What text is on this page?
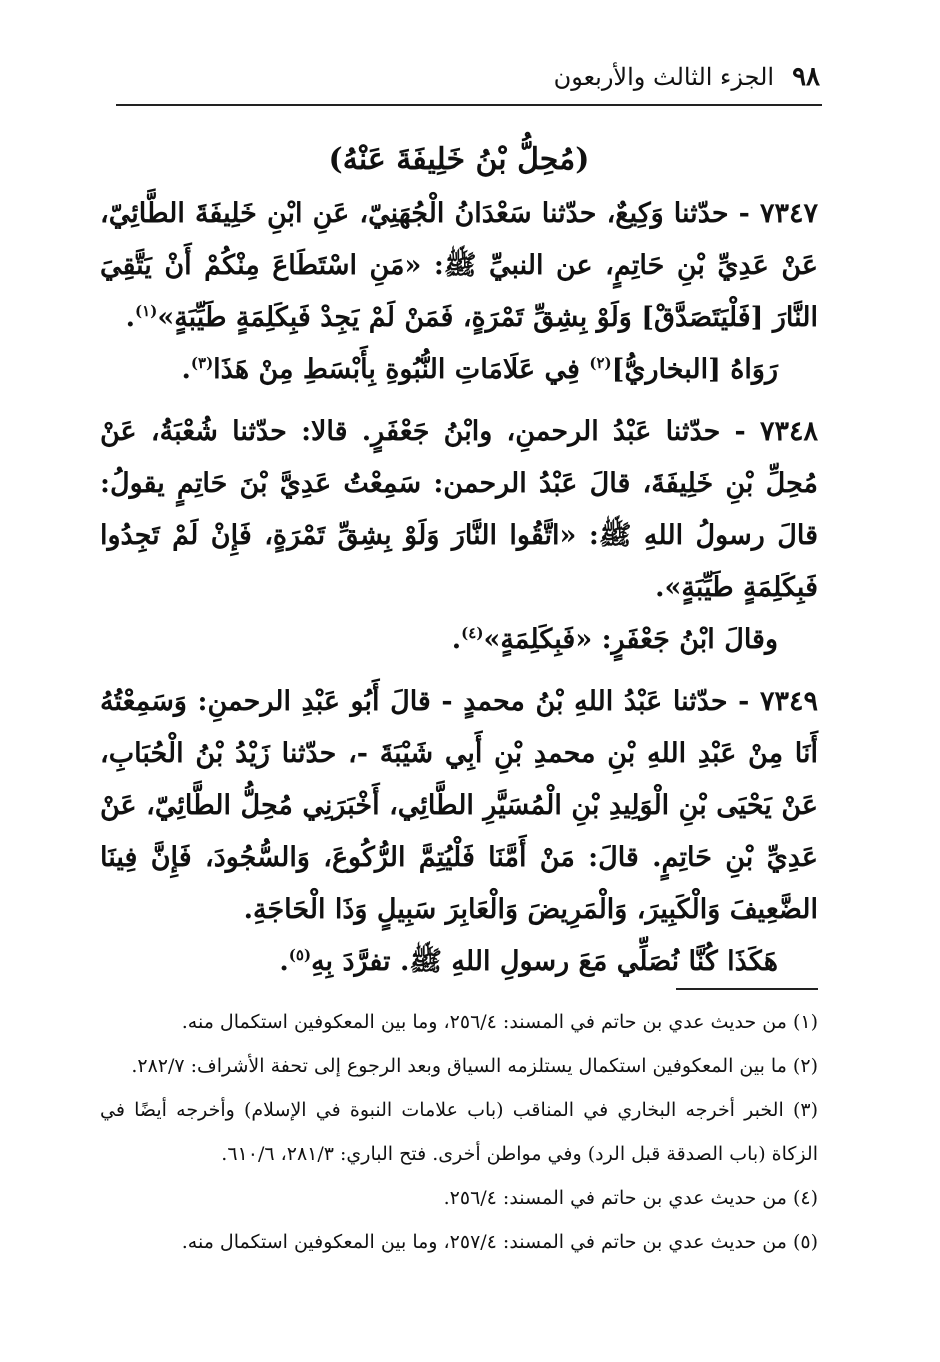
٩٨
الجزء الثالث والأربعون

(مُحِلُّ بْنُ خَلِيفَةَ عَنْهُ)

٧٣٤٧ - حدّثنا وَكِيعٌ، حدّثنا سَعْدَانُ الْجُهَنِيّ، عَنِ ابْنِ خَلِيفَةَ الطَّائِيّ، عَنْ عَدِيِّ بْنِ حَاتِمٍ، عن النبيِّ ﷺ: «مَنِ اسْتَطَاعَ مِنْكُمْ أَنْ يَتَّقِيَ النَّارَ [فَلْيَتَصَدَّقْ] وَلَوْ بِشِقِّ تَمْرَةٍ، فَمَنْ لَمْ يَجِدْ فَبِكَلِمَةٍ طَيِّبَةٍ»$^{(١)}$.

رَوَاهُ [البخاريُّ]$^{(٢)}$ فِي عَلَامَاتِ النُّبُوةِ بِأَبْسَطِ مِنْ هَذَا$^{(٣)}$.

٧٣٤٨ - حدّثنا عَبْدُ الرحمنِ، وابْنُ جَعْفَرٍ. قالا: حدّثنا شُعْبَةُ، عَنْ مُحِلِّ بْنِ خَلِيفَةَ، قالَ عَبْدُ الرحمن: سَمِعْتُ عَدِيَّ بْنَ حَاتِمٍ يقولُ: قالَ رسولُ اللهِ ﷺ: «اتَّقُوا النَّارَ وَلَوْ بِشِقِّ تَمْرَةٍ، فَإِنْ لَمْ تَجِدُوا فَبِكَلِمَةٍ طَيِّبَةٍ».

وقالَ ابْنُ جَعْفَرٍ: «فَبِكَلِمَةٍ»$^{(٤)}$.

٧٣٤٩ - حدّثنا عَبْدُ اللهِ بْنُ محمدٍ - قالَ أَبُو عَبْدِ الرحمنِ: وَسَمِعْتُهُ أَنَا مِنْ عَبْدِ اللهِ بْنِ محمدِ بْنِ أَبِي شَيْبَةَ -، حدّثنا زَيْدُ بْنُ الْحُبَابِ، عَنْ يَحْيَى بْنِ الْوَلِيدِ بْنِ الْمُسَيَّرِ الطَّائِي، أَخْبَرَنِي مُحِلُّ الطَّائِيّ، عَنْ عَدِيِّ بْنِ حَاتِمٍ. قالَ: مَنْ أَمَّنَا فَلْيُتِمَّ الرُّكُوعَ، وَالسُّجُودَ، فَإِنَّ فِينَا الضَّعِيفَ وَالْكَبِيرَ، وَالْمَرِيضَ وَالْعَابِرَ سَبِيلٍ وَذَا الْحَاجَةِ.

هَكَذَا كُنَّا نُصَلِّي مَعَ رسولِ اللهِ ﷺ. تفرَّدَ بِهِ$^{(٥)}$.

(١) من حديث عدي بن حاتم في المسند: ٢٥٦/٤، وما بين المعكوفين استكمال منه.

(٢) ما بين المعكوفين استكمال يستلزمه السياق وبعد الرجوع إلى تحفة الأشراف: ٢٨٢/٧.

(٣) الخبر أخرجه البخاري في المناقب (باب علامات النبوة في الإسلام) وأخرجه أيضًا في الزكاة (باب الصدقة قبل الرد) وفي مواطن أخرى. فتح الباري: ٢٨١/٣، ٦١٠/٦.

(٤) من حديث عدي بن حاتم في المسند: ٢٥٦/٤.

(٥) من حديث عدي بن حاتم في المسند: ٢٥٧/٤، وما بين المعكوفين استكمال منه.
